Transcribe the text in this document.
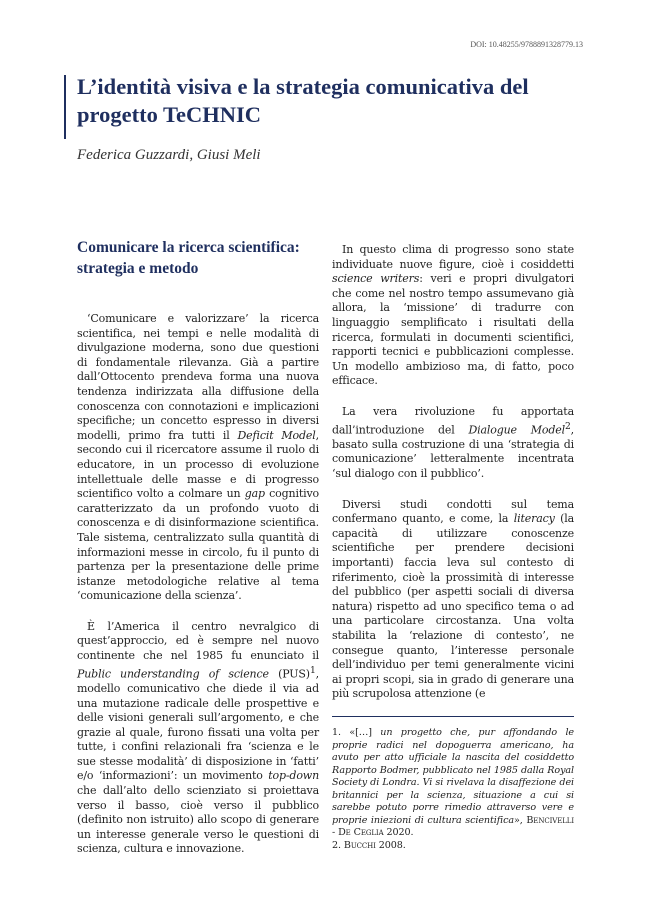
DOI: 10.48255/9788891328779.13
L’identità visiva e la strategia comunicativa del progetto TeCHNIC
Federica Guzzardi, Giusi Meli
Comunicare la ricerca scientifica: strategia e metodo

‘Comunicare e valorizzare’ la ricerca scientifica, nei tempi e nelle modalità di divulgazione moderna, sono due questioni di fondamentale rilevanza. Già a partire dall’Ottocento prendeva forma una nuova tendenza indirizzata alla diffusione della conoscenza con connotazioni e implicazioni specifiche; un concetto espresso in diversi modelli, primo fra tutti il Deficit Model, secondo cui il ricercatore assume il ruolo di educatore, in un processo di evoluzione intellettuale delle masse e di progresso scientifico volto a colmare un gap cognitivo caratterizzato da un profondo vuoto di conoscenza e di disinformazione scientifica. Tale sistema, centralizzato sulla quantità di informazioni messe in circolo, fu il punto di partenza per la presentazione delle prime istanze metodologiche relative al tema ‘comunicazione della scienza’.

È l’America il centro nevralgico di quest’approccio, ed è sempre nel nuovo continente che nel 1985 fu enunciato il Public understanding of science (PUS)$^1$, modello comunicativo che diede il via ad una mutazione radicale delle prospettive e delle visioni generali sull’argomento, e che grazie al quale, furono fissati una volta per tutte, i confini relazionali fra ‘scienza e le sue stesse modalità’ di disposizione in ‘fatti’ e/o ‘informazioni’: un movimento top-down che dall’alto dello scienziato si proiettava verso il basso, cioè verso il pubblico (definito non istruito) allo scopo di generare un interesse generale verso le questioni di scienza, cultura e innovazione.

In questo clima di progresso sono state individuate nuove figure, cioè i cosiddetti science writers: veri e propri divulgatori che come nel nostro tempo assumevano già allora, la ‘missione’ di tradurre con linguaggio semplificato i risultati della ricerca, formulati in documenti scientifici, rapporti tecnici e pubblicazioni complesse. Un modello ambizioso ma, di fatto, poco efficace.

La vera rivoluzione fu apportata dall’introduzione del Dialogue Model$^2$, basato sulla costruzione di una ‘strategia di comunicazione’ letteralmente incentrata ‘sul dialogo con il pubblico’.

Diversi studi condotti sul tema confermano quanto, e come, la literacy (la capacità di utilizzare conoscenze scientifiche per prendere decisioni importanti) faccia leva sul contesto di riferimento, cioè la prossimità di interesse del pubblico (per aspetti sociali di diversa natura) rispetto ad uno specifico tema o ad una particolare circostanza. Una volta stabilita la ‘relazione di contesto’, ne consegue quanto, l’interesse personale dell’individuo per temi generalmente vicini ai propri scopi, sia in grado di generare una più scrupolosa attenzione (e

1. «[…] un progetto che, pur affondando le proprie radici nel dopoguerra americano, ha avuto per atto ufficiale la nascita del cosiddetto Rapporto Bodmer, pubblicato nel 1985 dalla Royal Society di Londra. Vi si rivelava la disaffezione dei britannici per la scienza, situazione a cui si sarebbe potuto porre rimedio attraverso vere e proprie iniezioni di cultura scientifica», Bencivelli - De Ceglia 2020.

2. Bucchi 2008.
